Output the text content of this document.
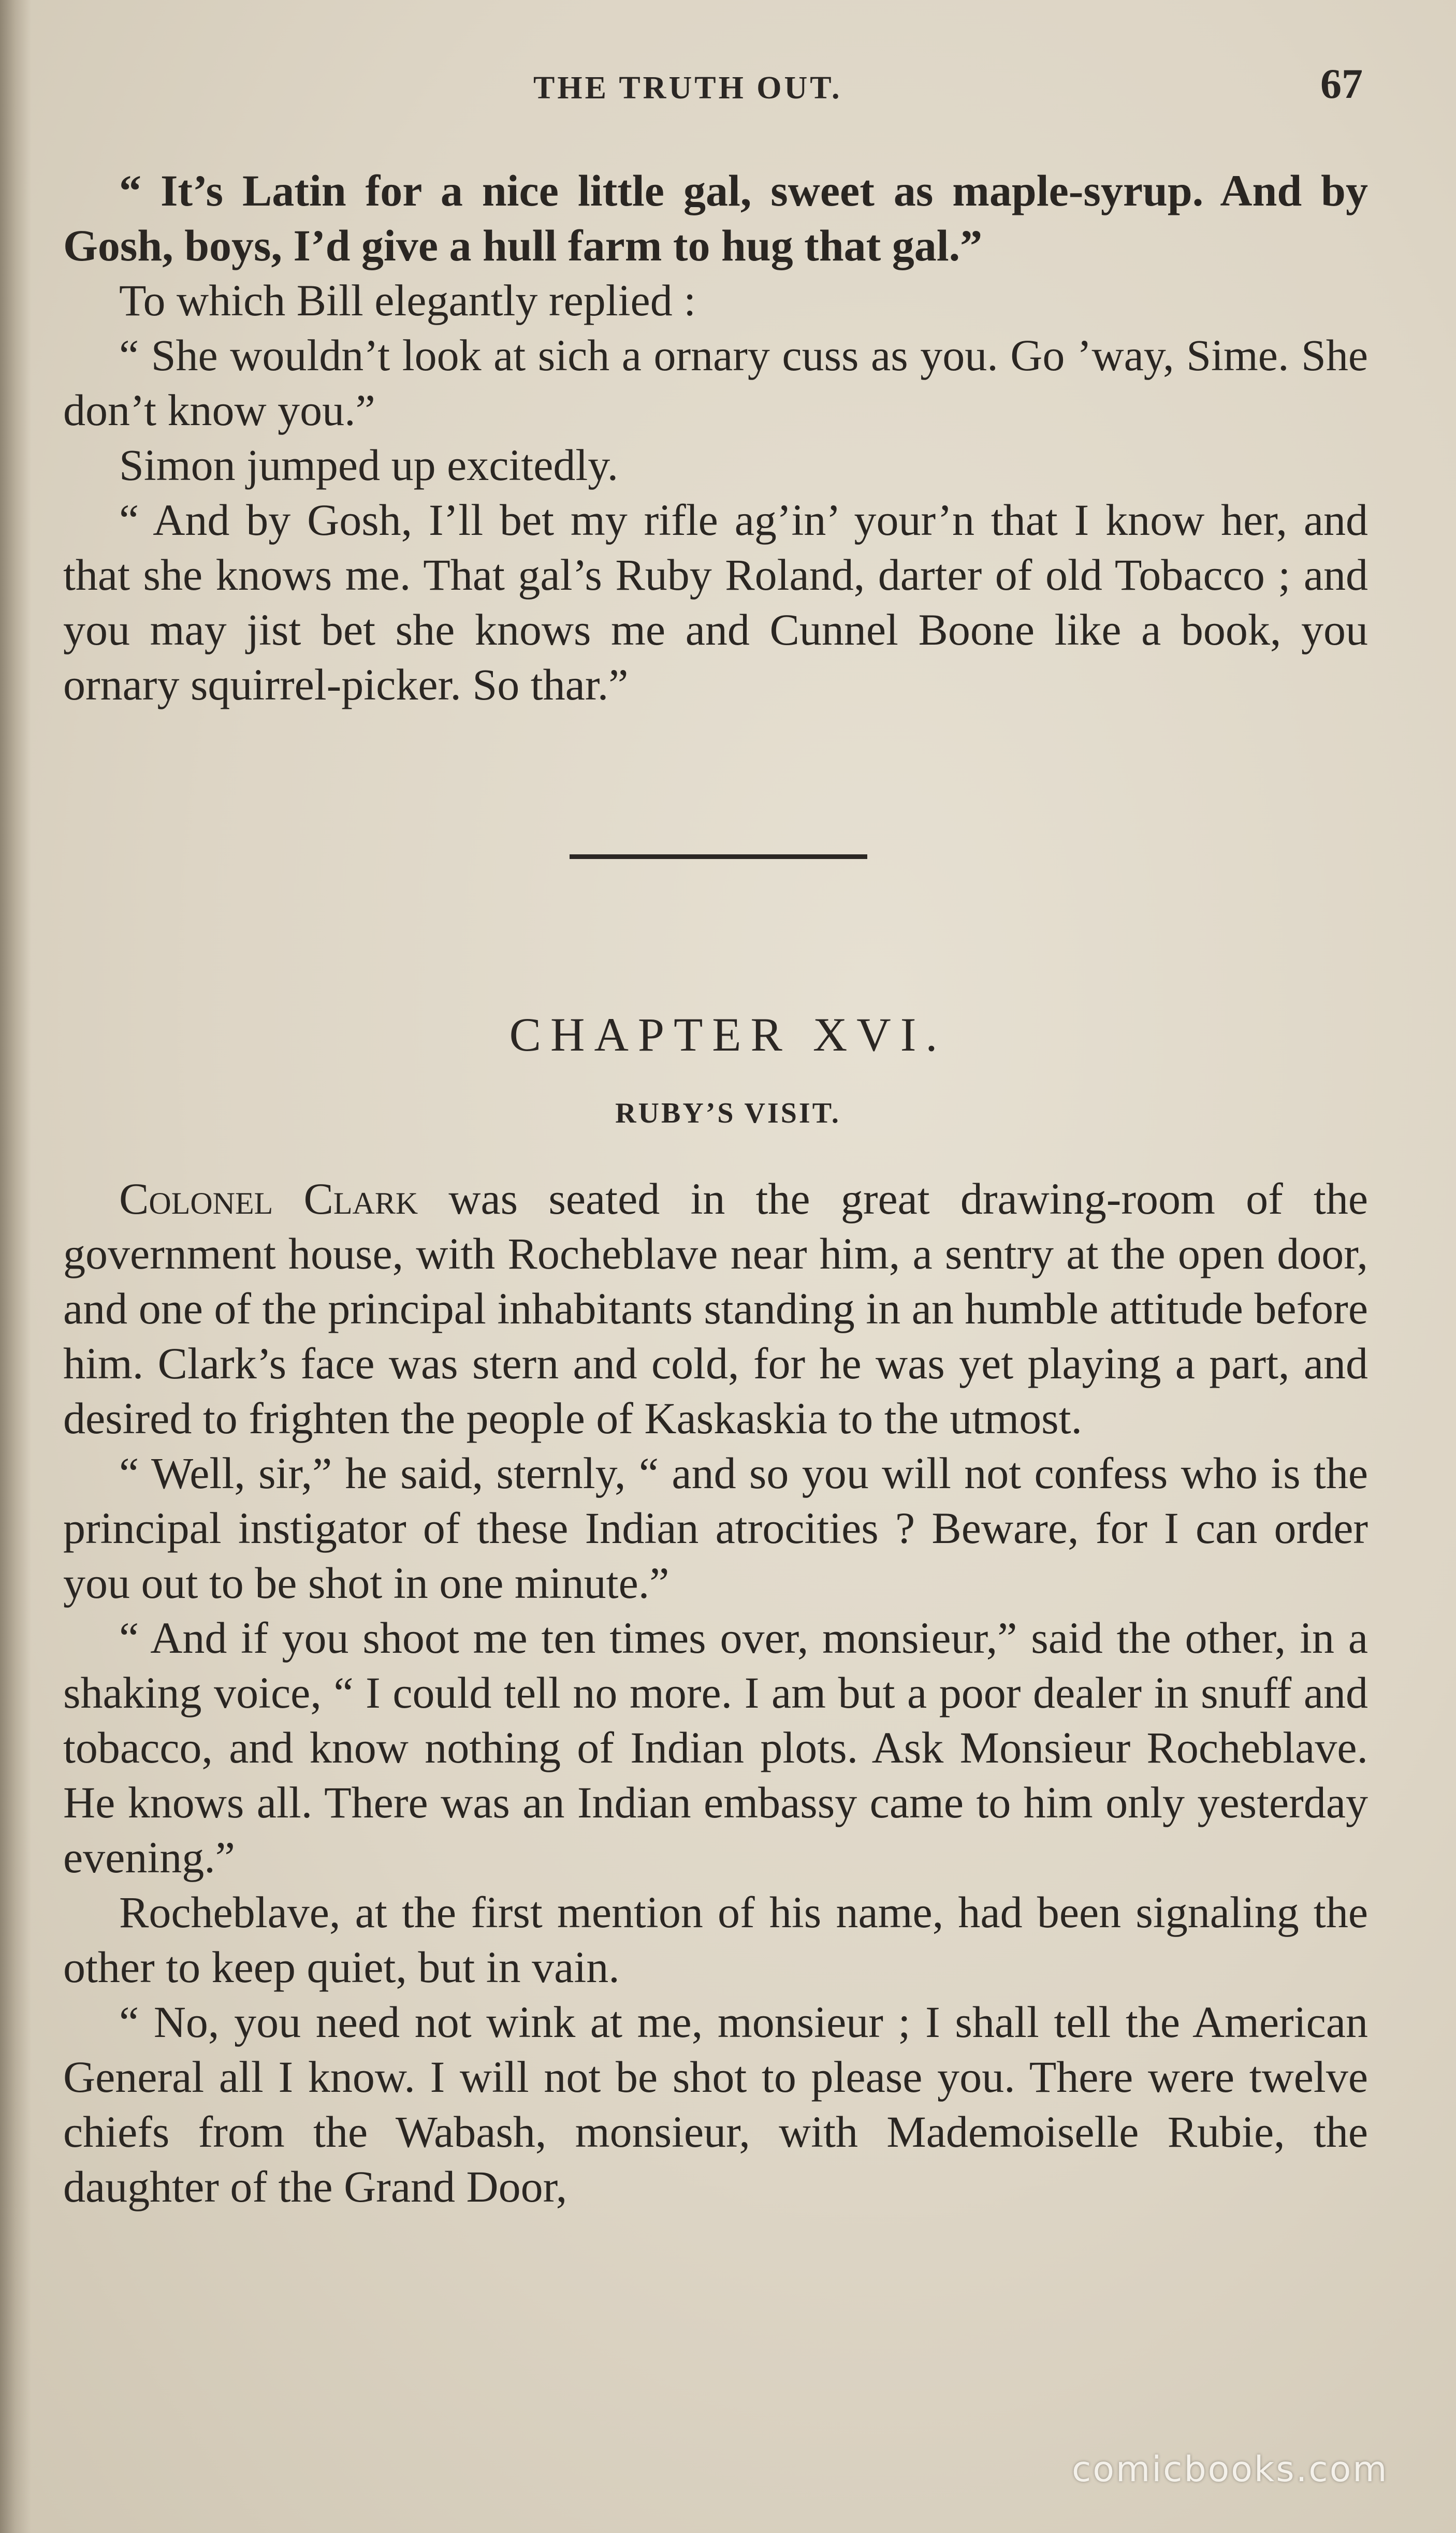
THE TRUTH OUT.	67

“ It’s Latin for a nice little gal, sweet as maple-syrup. And by Gosh, boys, I’d give a hull farm to hug that gal.”

To which Bill elegantly replied :

“ She wouldn’t look at sich a ornary cuss as you. Go ’way, Sime. She don’t know you.”

Simon jumped up excitedly.

“ And by Gosh, I’ll bet my rifle ag’in’ your’n that I know her, and that she knows me. That gal’s Ruby Roland, darter of old Tobacco ; and you may jist bet she knows me and Cunnel Boone like a book, you ornary squirrel-picker. So thar.”

CHAPTER XVI.
RUBY’S VISIT.

Colonel Clark was seated in the great drawing-room of the government house, with Rocheblave near him, a sentry at the open door, and one of the principal inhabitants standing in an humble attitude before him. Clark’s face was stern and cold, for he was yet playing a part, and desired to frighten the people of Kaskaskia to the utmost.

“ Well, sir,” he said, sternly, “ and so you will not confess who is the principal instigator of these Indian atrocities ? Beware, for I can order you out to be shot in one minute.”

“ And if you shoot me ten times over, monsieur,” said the other, in a shaking voice, “ I could tell no more. I am but a poor dealer in snuff and tobacco, and know nothing of Indian plots. Ask Monsieur Rocheblave. He knows all. There was an Indian embassy came to him only yesterday evening.”

Rocheblave, at the first mention of his name, had been signaling the other to keep quiet, but in vain.

“ No, you need not wink at me, monsieur ; I shall tell the American General all I know. I will not be shot to please you. There were twelve chiefs from the Wabash, monsieur, with Mademoiselle Rubie, the daughter of the Grand Door,

comicbooks.com
